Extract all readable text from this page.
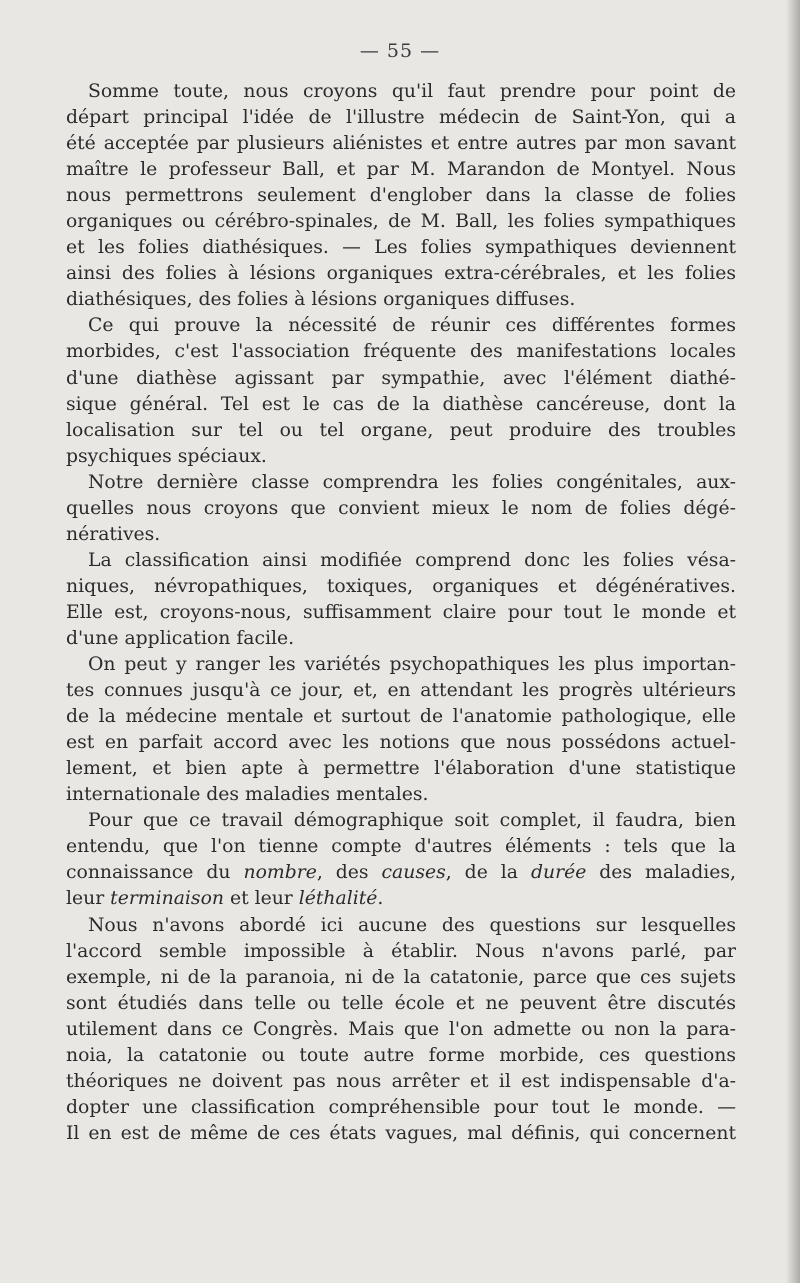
— 55 —
Somme toute, nous croyons qu'il faut prendre pour point de
départ principal l'idée de l'illustre médecin de Saint-Yon, qui a
été acceptée par plusieurs aliénistes et entre autres par mon savant
maître le professeur Ball, et par M. Marandon de Montyel. Nous
nous permettrons seulement d'englober dans la classe de folies
organiques ou cérébro-spinales, de M. Ball, les folies sympathiques
et les folies diathésiques. — Les folies sympathiques deviennent
ainsi des folies à lésions organiques extra-cérébrales, et les folies
diathésiques, des folies à lésions organiques diffuses.
Ce qui prouve la nécessité de réunir ces différentes formes
morbides, c'est l'association fréquente des manifestations locales
d'une diathèse agissant par sympathie, avec l'élément diathé-
sique général. Tel est le cas de la diathèse cancéreuse, dont la
localisation sur tel ou tel organe, peut produire des troubles
psychiques spéciaux.
Notre dernière classe comprendra les folies congénitales, aux-
quelles nous croyons que convient mieux le nom de folies dégé-
nératives.
La classification ainsi modifiée comprend donc les folies vésa-
niques, névropathiques, toxiques, organiques et dégénératives.
Elle est, croyons-nous, suffisamment claire pour tout le monde et
d'une application facile.
On peut y ranger les variétés psychopathiques les plus importan-
tes connues jusqu'à ce jour, et, en attendant les progrès ultérieurs
de la médecine mentale et surtout de l'anatomie pathologique, elle
est en parfait accord avec les notions que nous possédons actuel-
lement, et bien apte à permettre l'élaboration d'une statistique
internationale des maladies mentales.
Pour que ce travail démographique soit complet, il faudra, bien
entendu, que l'on tienne compte d'autres éléments : tels que la
connaissance du nombre, des causes, de la durée des maladies,
leur terminaison et leur léthalité.
Nous n'avons abordé ici aucune des questions sur lesquelles
l'accord semble impossible à établir. Nous n'avons parlé, par
exemple, ni de la paranoia, ni de la catatonie, parce que ces sujets
sont étudiés dans telle ou telle école et ne peuvent être discutés
utilement dans ce Congrès. Mais que l'on admette ou non la para-
noia, la catatonie ou toute autre forme morbide, ces questions
théoriques ne doivent pas nous arrêter et il est indispensable d'a-
dopter une classification compréhensible pour tout le monde. —
Il en est de même de ces états vagues, mal définis, qui concernent
